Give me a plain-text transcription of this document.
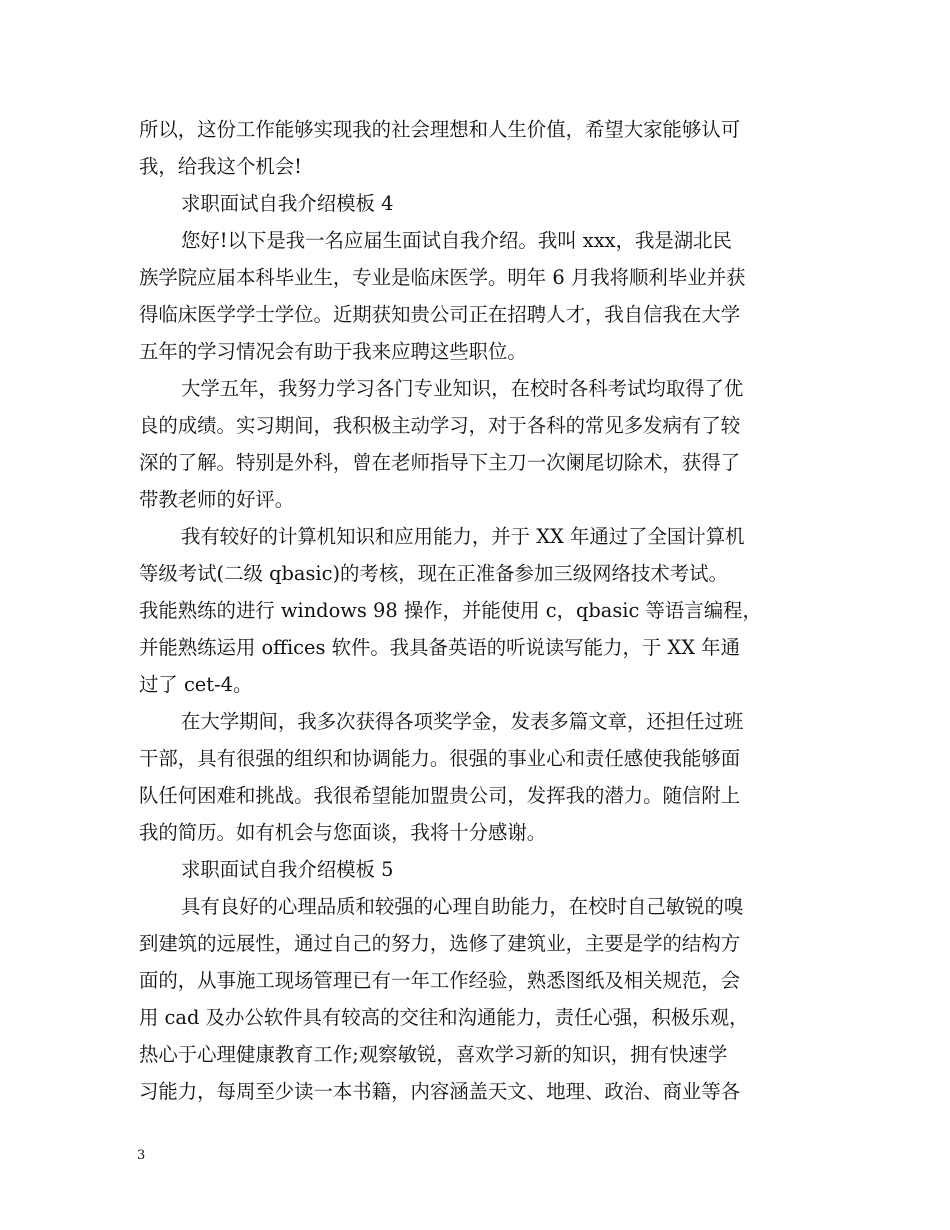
所以，这份工作能够实现我的社会理想和人生价值，希望大家能够认可
我，给我这个机会!
求职面试自我介绍模板 4
您好!以下是我一名应届生面试自我介绍。我叫 xxx，我是湖北民
族学院应届本科毕业生，专业是临床医学。明年 6 月我将顺利毕业并获
得临床医学学士学位。近期获知贵公司正在招聘人才，我自信我在大学
五年的学习情况会有助于我来应聘这些职位。
大学五年，我努力学习各门专业知识，在校时各科考试均取得了优
良的成绩。实习期间，我积极主动学习，对于各科的常见多发病有了较
深的了解。特别是外科，曾在老师指导下主刀一次阑尾切除术，获得了
带教老师的好评。
我有较好的计算机知识和应用能力，并于 XX 年通过了全国计算机
等级考试(二级 qbasic)的考核，现在正准备参加三级网络技术考试。
我能熟练的进行 windows 98 操作，并能使用 c，qbasic 等语言编程，
并能熟练运用 offices 软件。我具备英语的听说读写能力，于 XX 年通
过了 cet-4。
在大学期间，我多次获得各项奖学金，发表多篇文章，还担任过班
干部，具有很强的组织和协调能力。很强的事业心和责任感使我能够面
队任何困难和挑战。我很希望能加盟贵公司，发挥我的潜力。随信附上
我的简历。如有机会与您面谈，我将十分感谢。
求职面试自我介绍模板 5
具有良好的心理品质和较强的心理自助能力，在校时自己敏锐的嗅
到建筑的远展性，通过自己的努力，选修了建筑业，主要是学的结构方
面的，从事施工现场管理已有一年工作经验，熟悉图纸及相关规范，会
用 cad 及办公软件具有较高的交往和沟通能力，责任心强，积极乐观，
热心于心理健康教育工作;观察敏锐，喜欢学习新的知识，拥有快速学
习能力，每周至少读一本书籍，内容涵盖天文、地理、政治、商业等各
3
